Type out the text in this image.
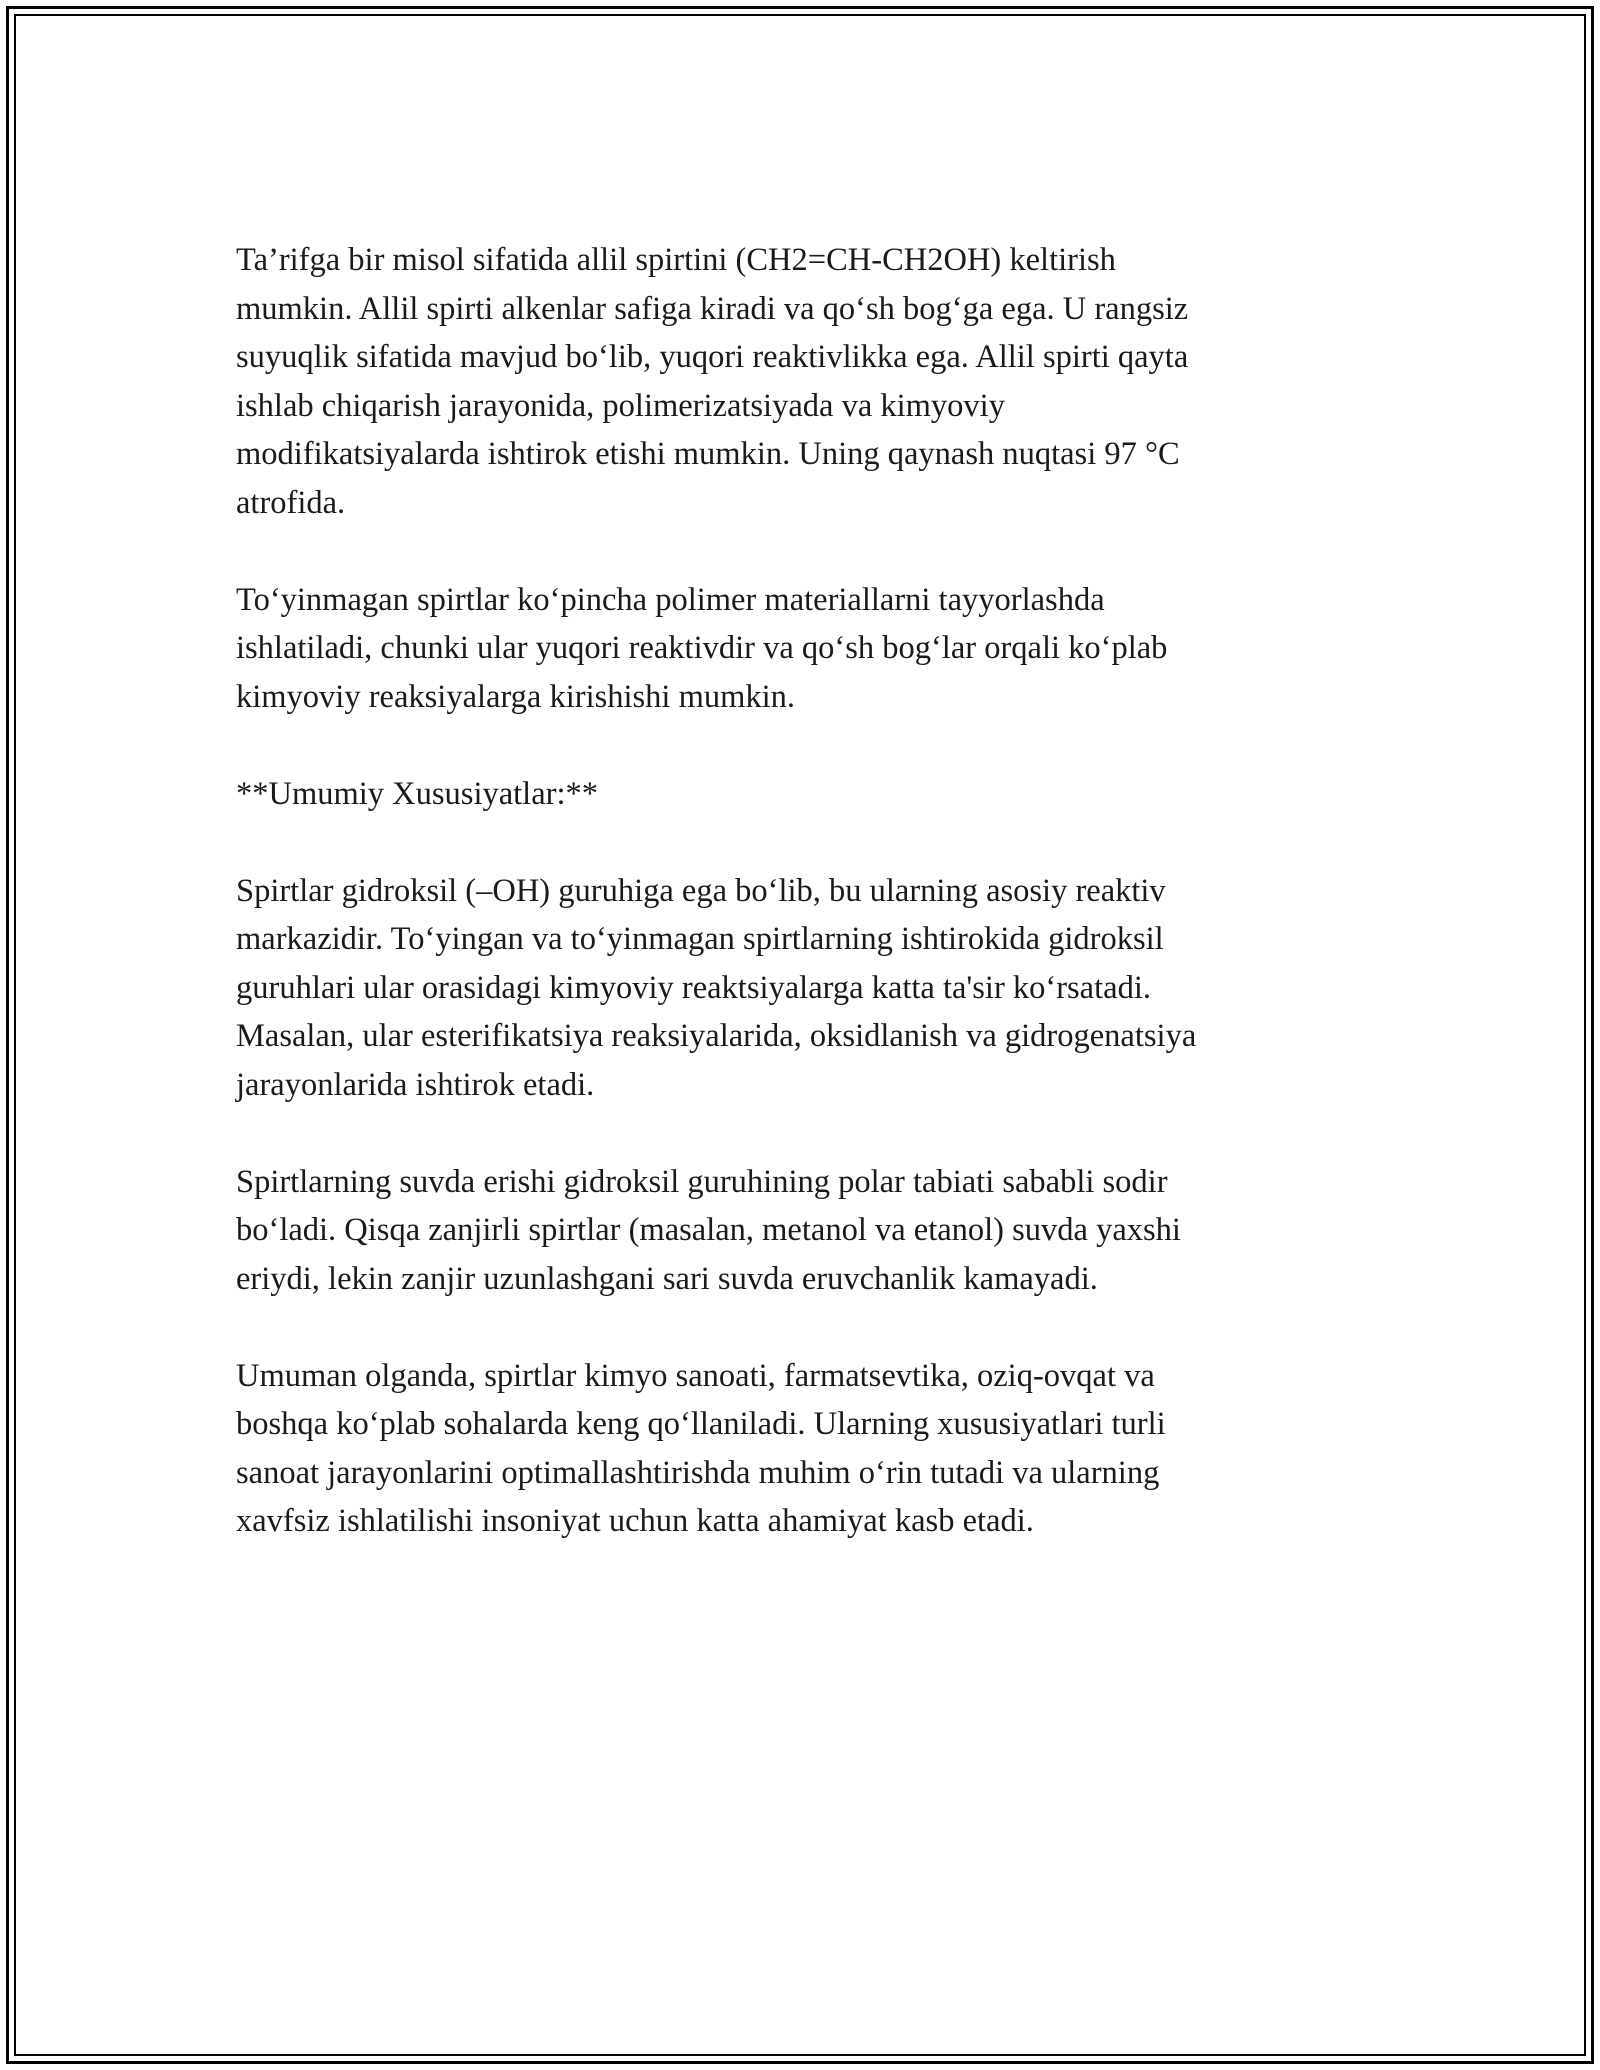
Ta’rifga bir misol sifatida allil spirtini (CH2=CH-CH2OH) keltirish
mumkin. Allil spirti alkenlar safiga kiradi va qo‘sh bog‘ga ega. U rangsiz
suyuqlik sifatida mavjud bo‘lib, yuqori reaktivlikka ega. Allil spirti qayta
ishlab chiqarish jarayonida, polimerizatsiyada va kimyoviy
modifikatsiyalarda ishtirok etishi mumkin. Uning qaynash nuqtasi 97 °C
atrofida.

To‘yinmagan spirtlar ko‘pincha polimer materiallarni tayyorlashda
ishlatiladi, chunki ular yuqori reaktivdir va qo‘sh bog‘lar orqali ko‘plab
kimyoviy reaksiyalarga kirishishi mumkin.

**Umumiy Xususiyatlar:**

Spirtlar gidroksil (–OH) guruhiga ega bo‘lib, bu ularning asosiy reaktiv
markazidir. To‘yingan va to‘yinmagan spirtlarning ishtirokida gidroksil
guruhlari ular orasidagi kimyoviy reaktsiyalarga katta ta'sir ko‘rsatadi.
Masalan, ular esterifikatsiya reaksiyalarida, oksidlanish va gidrogenatsiya
jarayonlarida ishtirok etadi.

Spirtlarning suvda erishi gidroksil guruhining polar tabiati sababli sodir
bo‘ladi. Qisqa zanjirli spirtlar (masalan, metanol va etanol) suvda yaxshi
eriydi, lekin zanjir uzunlashgani sari suvda eruvchanlik kamayadi.

Umuman olganda, spirtlar kimyo sanoati, farmatsevtika, oziq-ovqat va
boshqa ko‘plab sohalarda keng qo‘llaniladi. Ularning xususiyatlari turli
sanoat jarayonlarini optimallashtirishda muhim o‘rin tutadi va ularning
xavfsiz ishlatilishi insoniyat uchun katta ahamiyat kasb etadi.
